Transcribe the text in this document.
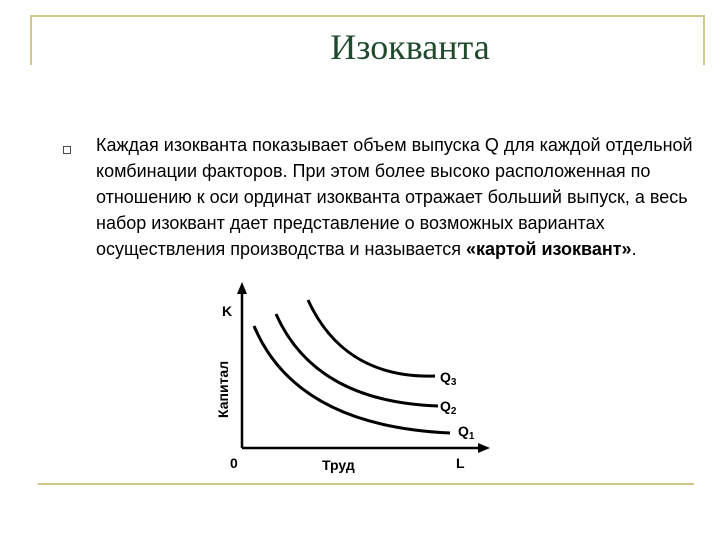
Изокванта
Каждая изокванта показывает объем выпуска Q для каждой отдельной комбинации факторов. При этом более высоко расположенная по отношению к оси ординат изокванта отражает больший выпуск, а весь набор изоквант дает представление о возможных вариантах осуществления производства и называется «картой изоквант».
K
Капитал
0	Труд	L
$Q_1$
$Q_2$
$Q_3$
